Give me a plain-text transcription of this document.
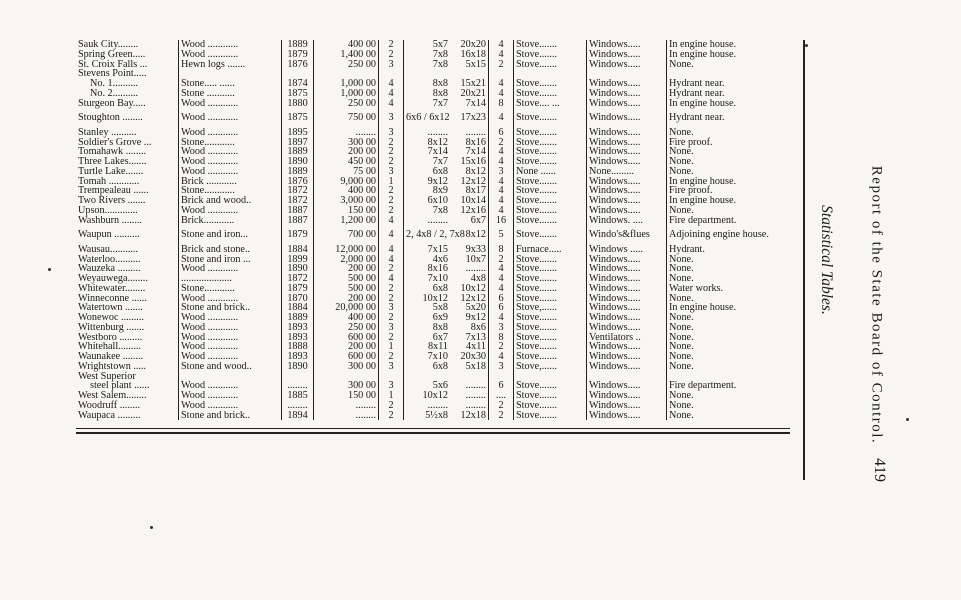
Sauk City........	Wood ............	1889	400 00	2	5x7	20x20	4	Stove.......	Windows.....	In engine house.
Spring Green.....	Wood ............	1879	1,400 00	2	7x8	16x18	4	Stove.......	Windows.....	In engine house.
St. Croix Falls ...	Hewn logs .......	1876	250 00	3	7x8	5x15	2	Stove.......	Windows.....	None.
Stevens Point.....										
No. 1..........	Stone..... ......	1874	1,000 00	4	8x8	15x21	4	Stove.......	Windows.....	Hydrant near.
No. 2..........	Stone ...........	1875	1,000 00	4	8x8	20x21	4	Stove.......	Windows.....	Hydrant near.
Sturgeon Bay.....	Wood ............	1880	250 00	4	7x7	7x14	8	Stove.... ...	Windows.....	In engine house.
Stoughton ........	Wood ............	1875	750 00	3	6x6 / 6x12	17x23	4	Stove.......	Windows.....	Hydrant near.
Stanley ..........	Wood ............	1895	........	3	........	........	6	Stove.......	Windows.....	None.
Soldier's Grove ...	Stone............	1897	300 00	2	8x12	8x16	2	Stove.......	Windows.....	Fire proof.
Tomahawk ........	Wood ............	1889	200 00	2	7x14	7x14	4	Stove.......	Windows.....	None.
Three Lakes.......	Wood ............	1890	450 00	2	7x7	15x16	4	Stove.......	Windows.....	None.
Turtle Lake.......	Wood ............	1889	75 00	3	6x8	8x12	3	None ......	None.........	None.
Tomah ............	Brick ............	1876	9,000 00	1	9x12	12x12	4	Stove.......	Windows.....	In engine house.
Trempealeau ......	Stone............	1872	400 00	2	8x9	8x17	4	Stove.......	Windows.....	Fire proof.
Two Rivers .......	Brick and wood..	1872	3,000 00	2	6x10	10x14	4	Stove.......	Windows.....	In engine house.
Upson.............	Wood ............	1887	150 00	2	7x8	12x16	4	Stove.......	Windows.....	None.
Washburn ........	Brick............	1887	1,200 00	4	........	6x7	16	Stove.......	Windows. ....	Fire department.
Waupun ..........	Stone and iron...	1879	700 00	4	2, 4x8 / 2, 7x8	8x12	5	Stove.......	Windo's&flues	Adjoining engine house.
Wausau...........	Brick and stone..	1884	12,000 00	4	7x15	9x33	8	Furnace.....	Windows .....	Hydrant.
Waterloo..........	Stone and iron ...	1899	2,000 00	4	4x6	10x7	2	Stove.......	Windows.....	None.
Wauzeka .........	Wood ............	1890	200 00	2	8x16	........	4	Stove.......	Windows.....	None.
Weyauwega........	....................	1872	500 00	4	7x10	4x8	4	Stove.......	Windows.....	None.
Whitewater........	Stone............	1879	500 00	2	6x8	10x12	4	Stove.......	Windows.....	Water works.
Winneconne ......	Wood ............	1870	200 00	2	10x12	12x12	6	Stove.......	Windows.....	None.
Watertown .......	Stone and brick..	1884	20,000 00	3	5x8	5x20	6	Stove,......	Windows.....	In engine house.
Wonewoc .........	Wood ............	1889	400 00	2	6x9	9x12	4	Stove.......	Windows.....	None.
Wittenburg .......	Wood ............	1893	250 00	3	8x8	8x6	3	Stove.......	Windows.....	None.
Westboro .........	Wood ............	1893	600 00	2	6x7	7x13	8	Stove.......	Ventilators ..	None.
Whitehall.........	Wood ............	1888	200 00	1	8x11	4x11	2	Stove.......	Windows.....	None.
Waunakee ........	Wood ............	1893	600 00	2	7x10	20x30	4	Stove.......	Windows.....	None.
Wrightstown .....	Stone and wood..	1890	300 00	3	6x8	5x18	3	Stove,......	Windows.....	None.
West Superior										
steel plant ......	Wood ............	........	300 00	3	5x6	........	6	Stove.......	Windows.....	Fire department.
West Salem........	Wood ............	1885	150 00	1	10x12	........	....	Stove.......	Windows.....	None.
Woodruff ........	Wood ............	........	........	2	........	........	2	Stove.......	Windows.....	None.
Waupaca .........	Stone and brick..	1894	........	2	5½x8	12x18	2	Stove.......	Windows.....	None.
Statistical Tables. Report of the State Board of Control.
419
